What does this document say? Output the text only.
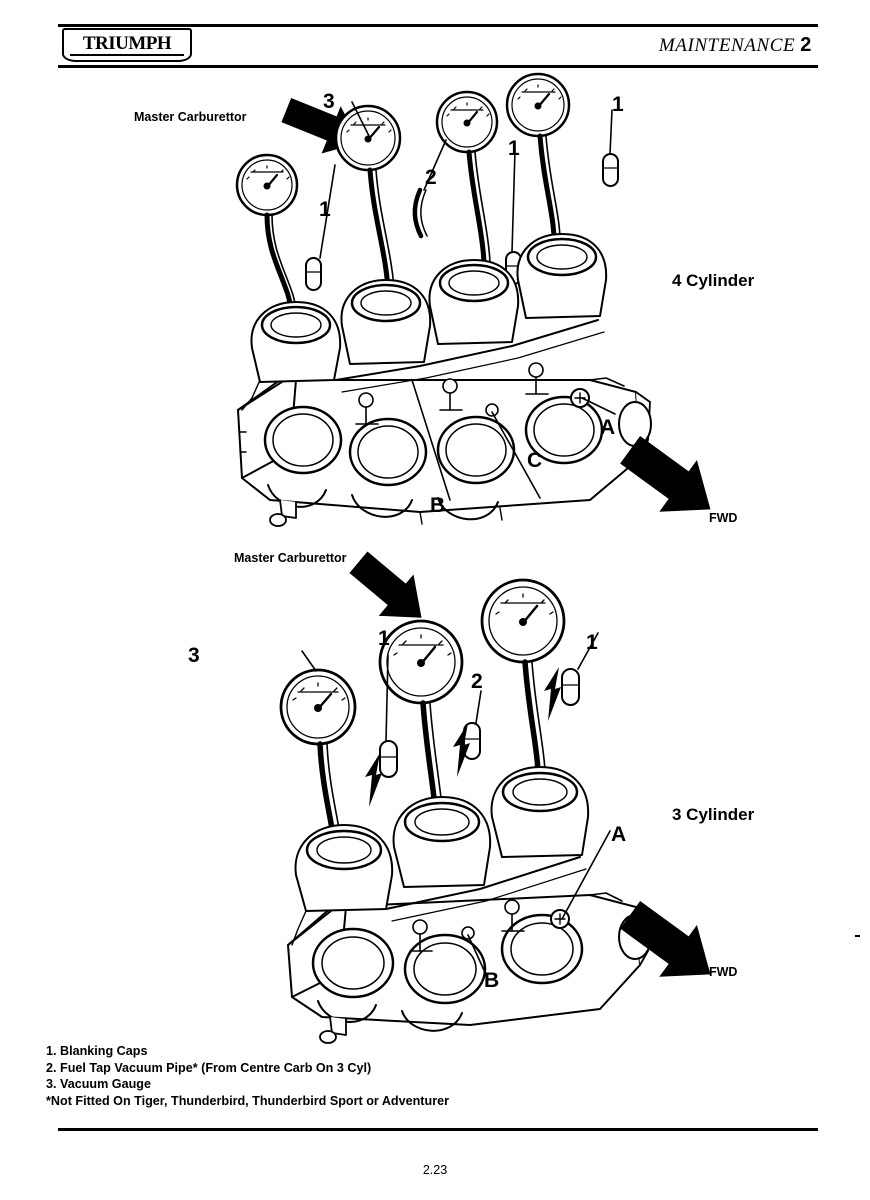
TRIUMPH	MAINTENANCE 2
Master Carburettor
3
1
2
1
1
A
B
C
4 Cylinder
FWD
Master Carburettor
3
1
2
1
A
B
3 Cylinder
FWD
1. Blanking Caps
2. Fuel Tap Vacuum Pipe* (From Centre Carb On 3 Cyl)
3. Vacuum Gauge
*Not Fitted On Tiger, Thunderbird, Thunderbird Sport or Adventurer
2.23
